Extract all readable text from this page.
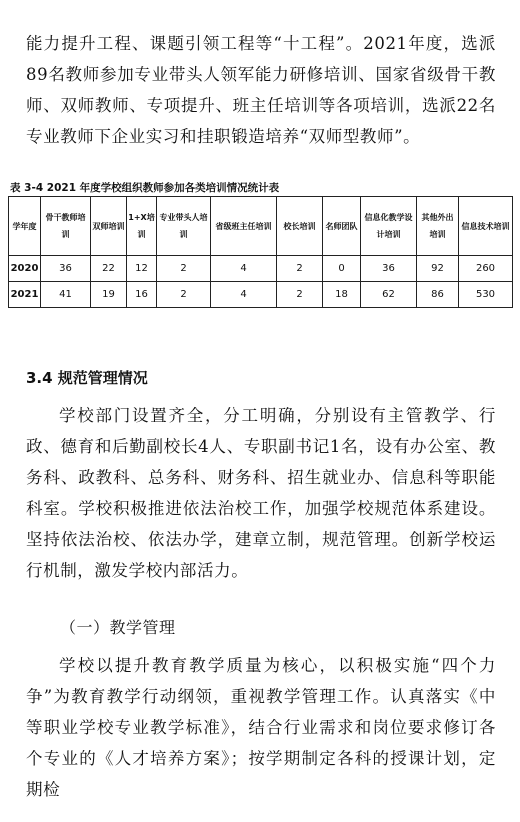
能力提升工程、课题引领工程等“十工程”。2021年度，选派89名教师参加专业带头人领军能力研修培训、国家省级骨干教师、双师教师、专项提升、班主任培训等各项培训，选派22名专业教师下企业实习和挂职锻造培养“双师型教师”。

表 3-4 2021 年度学校组织教师参加各类培训情况统计表

学年度	骨干教师培训	双师培训	1+X培训	专业带头人培训	省级班主任培训	校长培训	名师团队	信息化教学设计培训	其他外出培训	信息技术培训
2020	36	22	12	2	4	2	0	36	92	260
2021	41	19	16	2	4	2	18	62	86	530
3.4 规范管理情况

学校部门设置齐全，分工明确，分别设有主管教学、行政、德育和后勤副校长4人、专职副书记1名，设有办公室、教务科、政教科、总务科、财务科、招生就业办、信息科等职能科室。学校积极推进依法治校工作，加强学校规范体系建设。坚持依法治校、依法办学，建章立制，规范管理。创新学校运行机制，激发学校内部活力。

（一）教学管理

学校以提升教育教学质量为核心，以积极实施“四个力争”为教育教学行动纲领，重视教学管理工作。认真落实《中等职业学校专业教学标准》，结合行业需求和岗位要求修订各个专业的《人才培养方案》；按学期制定各科的授课计划，定期检
